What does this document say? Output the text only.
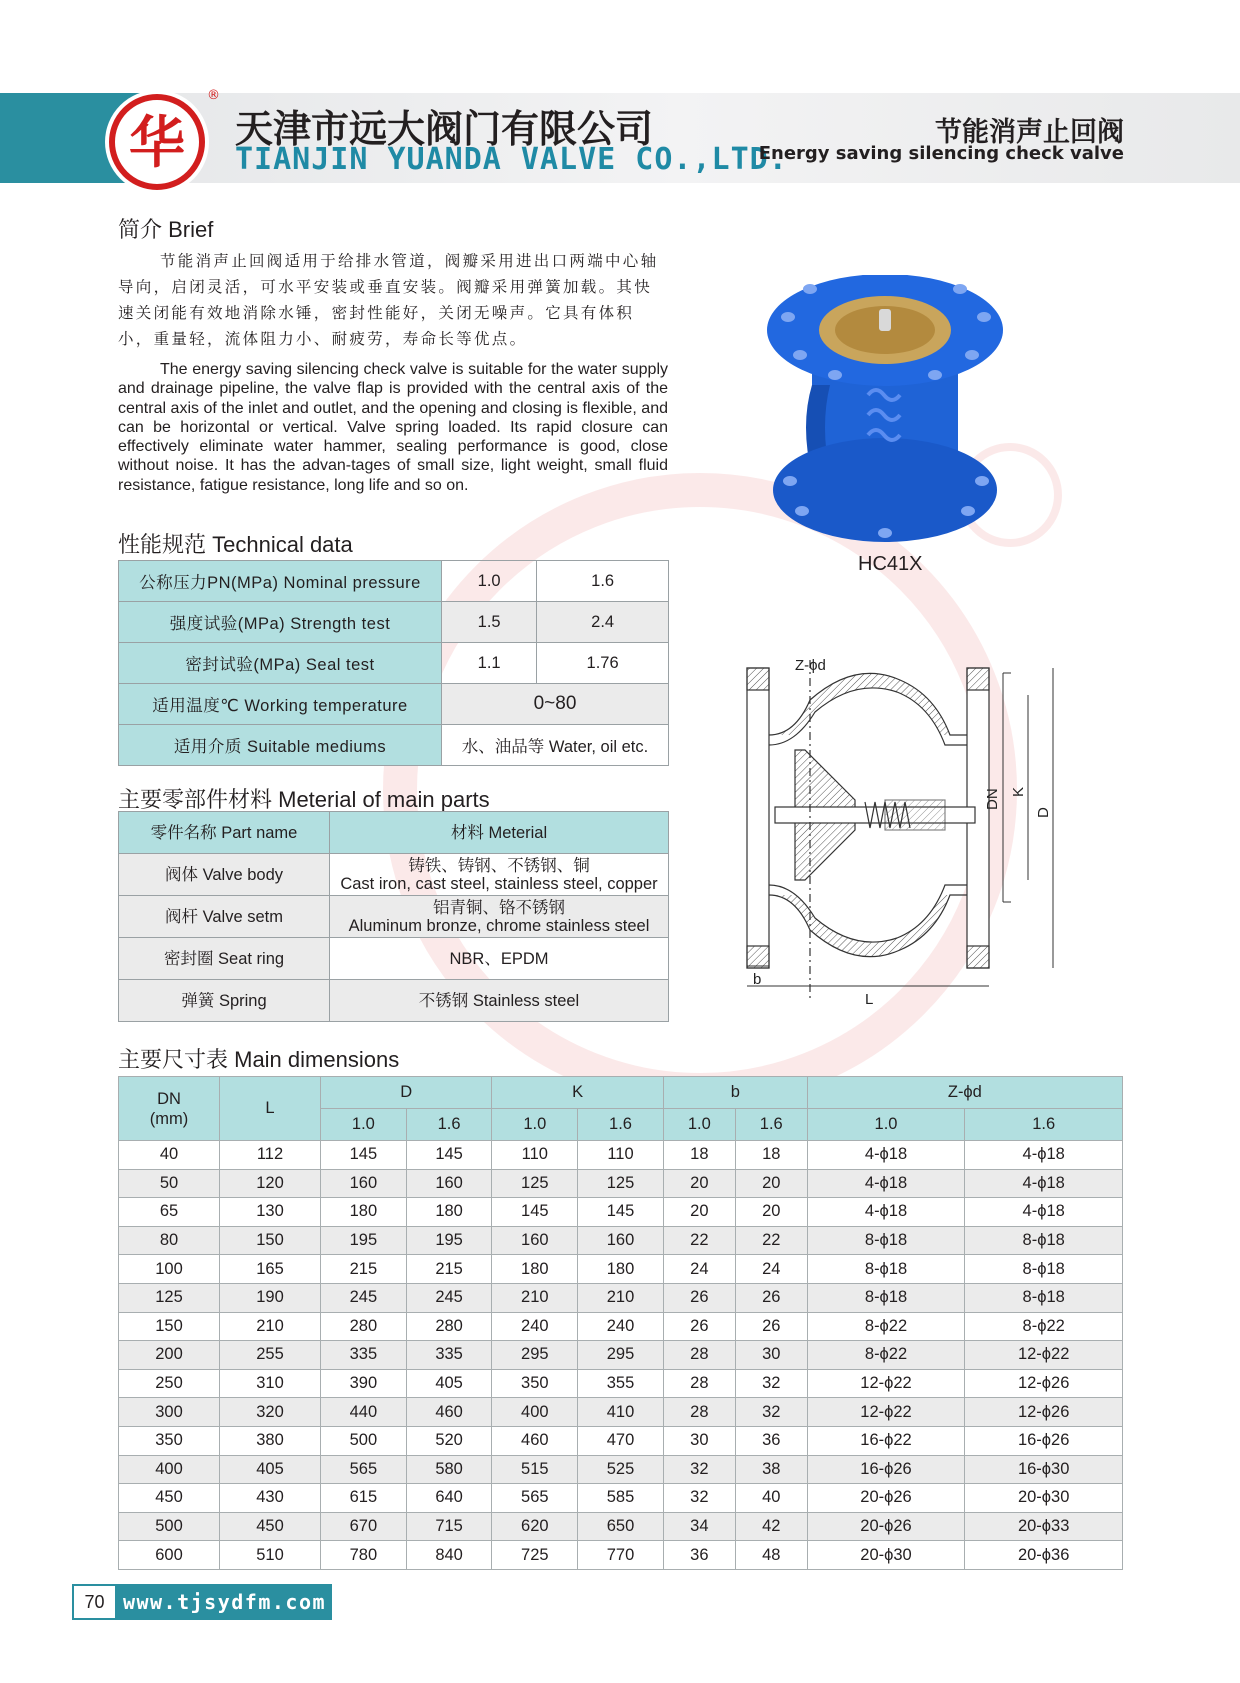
华
®
天津市远大阀门有限公司
TIANJIN YUANDA VALVE CO.,LTD.
节能消声止回阀
Energy saving silencing check valve
简介 Brief

节能消声止回阀适用于给排水管道，阀瓣采用进出口两端中心轴导向，启闭灵活，可水平安装或垂直安装。阀瓣采用弹簧加载。其快速关闭能有效地消除水锤，密封性能好，关闭无噪声。它具有体积小，重量轻，流体阻力小、耐疲劳，寿命长等优点。

The energy saving silencing check valve is suitable for the water supply and drainage pipeline, the valve flap is provided with the central axis of the central axis of the inlet and outlet, and the opening and closing is flexible, and can be horizontal or vertical. Valve spring loaded. Its rapid closure can effectively eliminate water hammer, sealing performance is good, close without noise. It has the advan-tages of small size, light weight, small fluid resistance, fatigue resistance, long life and so on.

性能规范 Technical data
公称压力PN(MPa) Nominal pressure	1.0	1.6
强度试验(MPa) Strength test	1.5	2.4
密封试验(MPa) Seal test	1.1	1.76
适用温度℃ Working temperature	0~80	
适用介质 Suitable mediums	水、油品等 Water, oil etc.	
主要零部件材料 Meterial of main parts
零件名称 Part name	材料 Meterial
阀体 Valve body	铸铁、铸钢、不锈钢、铜
Cast iron, cast steel, stainless steel, copper

阀杆 Valve setm	铝青铜、铬不锈钢
Aluminum bronze, chrome stainless steel

密封圈 Seat ring	NBR、EPDM
弹簧 Spring	不锈钢 Stainless steel
HC41X
Z-ϕd
DN K
D
b
L
主要尺寸表 Main dimensions
DN
(mm)	L	D		K		b		Z-ϕd	
		1.0	1.6	1.0	1.6	1.0	1.6	1.0	1.6
40	112	145	145	110	110	18	18	4-ϕ18	4-ϕ18
50	120	160	160	125	125	20	20	4-ϕ18	4-ϕ18
65	130	180	180	145	145	20	20	4-ϕ18	4-ϕ18
80	150	195	195	160	160	22	22	8-ϕ18	8-ϕ18
100	165	215	215	180	180	24	24	8-ϕ18	8-ϕ18
125	190	245	245	210	210	26	26	8-ϕ18	8-ϕ18
150	210	280	280	240	240	26	26	8-ϕ22	8-ϕ22
200	255	335	335	295	295	28	30	8-ϕ22	12-ϕ22
250	310	390	405	350	355	28	32	12-ϕ22	12-ϕ26
300	320	440	460	400	410	28	32	12-ϕ22	12-ϕ26
350	380	500	520	460	470	30	36	16-ϕ22	16-ϕ26
400	405	565	580	515	525	32	38	16-ϕ26	16-ϕ30
450	430	615	640	565	585	32	40	20-ϕ26	20-ϕ30
500	450	670	715	620	650	34	42	20-ϕ26	20-ϕ33
600	510	780	840	725	770	36	48	20-ϕ30	20-ϕ36
70 www.tjsydfm.com
